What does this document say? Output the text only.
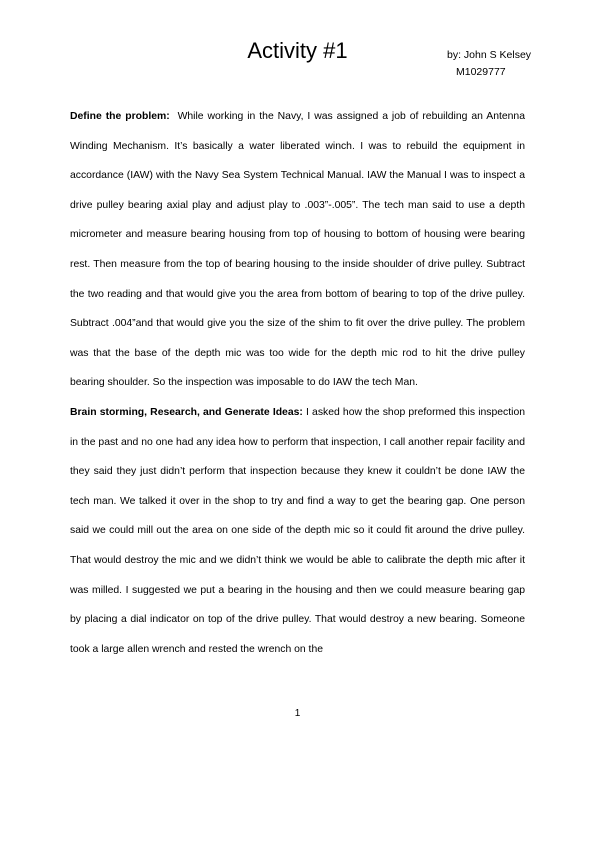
Activity #1	by: John S Kelsey
M1029777

Define the problem: While working in the Navy, I was assigned a job of rebuilding an Antenna Winding Mechanism. It’s basically a water liberated winch. I was to rebuild the equipment in accordance (IAW) with the Navy Sea System Technical Manual. IAW the Manual I was to inspect a drive pulley bearing axial play and adjust play to .003”-.005”. The tech man said to use a depth micrometer and measure bearing housing from top of housing to bottom of housing were bearing rest. Then measure from the top of bearing housing to the inside shoulder of drive pulley. Subtract the two reading and that would give you the area from bottom of bearing to top of the drive pulley. Subtract .004”and that would give you the size of the shim to fit over the drive pulley. The problem was that the base of the depth mic was too wide for the depth mic rod to hit the drive pulley bearing shoulder. So the inspection was imposable to do IAW the tech Man.

Brain storming, Research, and Generate Ideas: I asked how the shop preformed this inspection in the past and no one had any idea how to perform that inspection, I call another repair facility and they said they just didn’t perform that inspection because they knew it couldn’t be done IAW the tech man. We talked it over in the shop to try and find a way to get the bearing gap. One person said we could mill out the area on one side of the depth mic so it could fit around the drive pulley. That would destroy the mic and we didn’t think we would be able to calibrate the depth mic after it was milled. I suggested we put a bearing in the housing and then we could measure bearing gap by placing a dial indicator on top of the drive pulley. That would destroy a new bearing. Someone took a large allen wrench and rested the wrench on the

1
